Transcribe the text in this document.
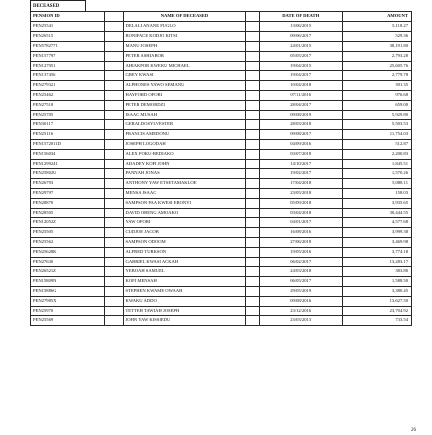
DECEASED
PENSION ID		NAME OF DECEASED		DATE OF DEATH	AMOUNT
PEN25541		DELALI ANANE FUGLO		13/06/2015	5,118.27
PEN26515		BONIFACE KODJO KITSI		09/06/2017	529.36
PEN5782771		MANU JOSEPH		24/01/2015	38,191.80
PEN157797		PETER ASHIABOR		05/05/2017	2,793.28
PEN127951		AHIAKPOR KWEKU MICHAEL		19/04/2015	25,605.76
PEN137456		GREY KWASI		19/04/2017	2,779.78
PEN279321		ALPHONES YAWO SEMANU		10/04/2018	391.35
PEN25462		HAYFORD OFORI		07/11/2016	976.68
PEN27518		PETER DEMORDZI		28/04/2017	659.00
PEN25705		ISAAC MUSAH		09/08/2019	5,929.80
PEN30117		GERALDOSYLVESTER		28/03/2018	5,503.53
PEN25116		FRANCIS AMEDONU		09/08/2017	11,754.03
PEN1572011D		JOSEPH LOGODAH		04/09/2016	512.87
PEN156034		ALEX FOKU-BEDIAKO		03/07/2018	2,200.83
PEN1299241		ADADEY KOFI JOHN		14/10/2017	1,845.51
PEN25802U		PANNAH JONAS		19/02/2017	1,570.26
PEN26793		ANTHONY YAW ETSETAMAKLOE		17/04/2018	5,088.11
PEN29797		MENSA ISAAC		23/05/2018	158.03
PEN28870		SAMPSON PAA KWESI EBONYI		05/09/2018	3,935.65
PEN28505		DAVID OBENG AMOAKO		03/04/2018	30,444.55
PEN12052Z		YAW OFORI		04/01/2017	4,577.68
PEN25505		CUDJOE JACOB		16/08/2016	3,999.38
PEN25562		SAMPSON ODOOM		27/06/2018	3,469.98
PEN25628K		ALFRED TURKSON		19/05/2016	3,774.18
PEN27630		GABRIEL KWASI ACKAH		06/02/2017	13,283.17
PEN26521Z		YEBOAH SAMUEL		24/03/2018	383.80
PEN15809N		KOFI MENSAH		06/05/2017	1,588.50
PEN15886G		STEPHEN KWAME OWAAH		29/05/2019	3,380.45
PEN27985X		KWAKU ADDO		09/08/2016	13,627.50
PEN25970		TETTEH TAWIAH JOSEPH		23/12/2016	23,704.92
PEN25569		JOHN YAW KISSIEDU		23/03/2013	733.54
26
